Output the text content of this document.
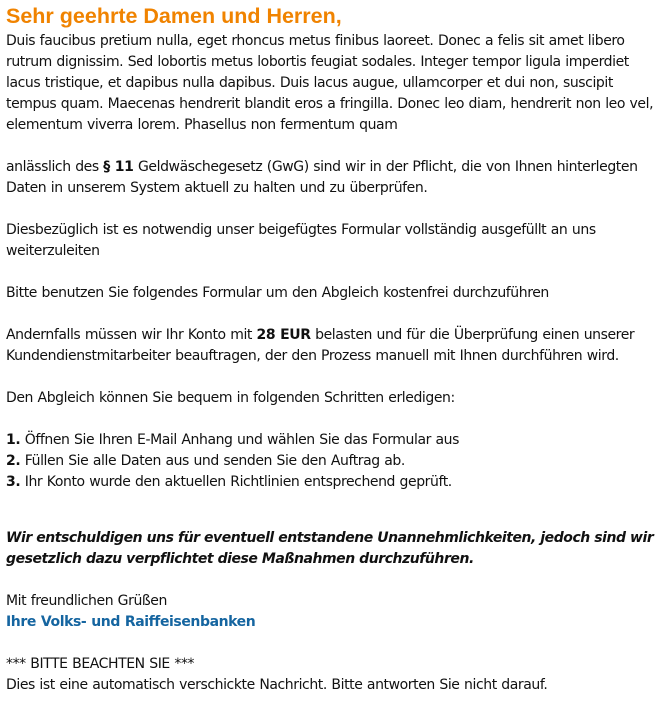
Sehr geehrte Damen und Herren,

Duis faucibus pretium nulla, eget rhoncus metus finibus laoreet. Donec a felis sit amet libero rutrum dignissim. Sed lobortis metus lobortis feugiat sodales. Integer tempor ligula imperdiet lacus tristique, et dapibus nulla dapibus. Duis lacus augue, ullamcorper et dui non, suscipit tempus quam. Maecenas hendrerit blandit eros a fringilla. Donec leo diam, hendrerit non leo vel, elementum viverra lorem. Phasellus non fermentum quam

anlässlich des § 11 Geldwäschegesetz (GwG) sind wir in der Pflicht, die von Ihnen hinterlegten Daten in unserem System aktuell zu halten und zu überprüfen.

Diesbezüglich ist es notwendig unser beigefügtes Formular vollständig ausgefüllt an uns weiterzuleiten

Bitte benutzen Sie folgendes Formular um den Abgleich kostenfrei durchzuführen

Andernfalls müssen wir Ihr Konto mit 28 EUR belasten und für die Überprüfung einen unserer Kundendienstmitarbeiter beauftragen, der den Prozess manuell mit Ihnen durchführen wird.

Den Abgleich können Sie bequem in folgenden Schritten erledigen:

1. Öffnen Sie Ihren E-Mail Anhang und wählen Sie das Formular aus
2. Füllen Sie alle Daten aus und senden Sie den Auftrag ab.
3. Ihr Konto wurde den aktuellen Richtlinien entsprechend geprüft.

Wir entschuldigen uns für eventuell entstandene Unannehmlichkeiten, jedoch sind wir gesetzlich dazu verpflichtet diese Maßnahmen durchzuführen.

Mit freundlichen Grüßen

Ihre Volks- und Raiffeisenbanken

*** BITTE BEACHTEN SIE ***

Dies ist eine automatisch verschickte Nachricht. Bitte antworten Sie nicht darauf.
